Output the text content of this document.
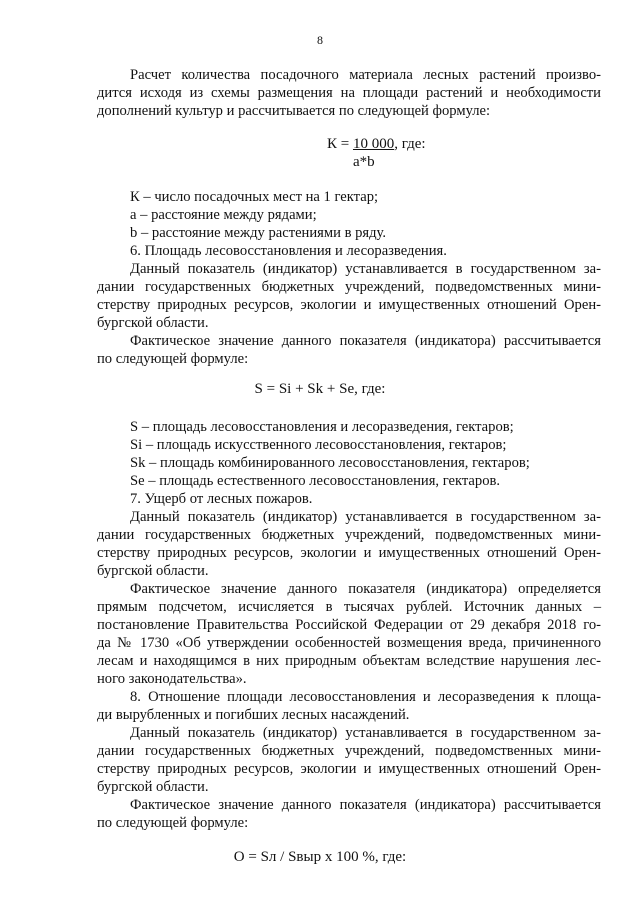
8
Расчет количества посадочного материала лесных растений произво-
дится исходя из схемы размещения на площади растений и необходимости
дополнений культур и рассчитывается по следующей формуле:
К = 10 000, где:
a*b
К – число посадочных мест на 1 гектар;
а – расстояние между рядами;
b – расстояние между растениями в ряду.
6. Площадь лесовосстановления и лесоразведения.
Данный показатель (индикатор) устанавливается в государственном за-
дании государственных бюджетных учреждений, подведомственных мини-
стерству природных ресурсов, экологии и имущественных отношений Орен-
бургской области.
Фактическое значение данного показателя (индикатора) рассчитывается
по следующей формуле:
S = Si + Sk + Se, где:
S – площадь лесовосстановления и лесоразведения, гектаров;
Si – площадь искусственного лесовосстановления, гектаров;
Sk – площадь комбинированного лесовосстановления, гектаров;
Se – площадь естественного лесовосстановления, гектаров.
7. Ущерб от лесных пожаров.
Данный показатель (индикатор) устанавливается в государственном за-
дании государственных бюджетных учреждений, подведомственных мини-
стерству природных ресурсов, экологии и имущественных отношений Орен-
бургской области.
Фактическое значение данного показателя (индикатора) определяется
прямым подсчетом, исчисляется в тысячах рублей. Источник данных –
постановление Правительства Российской Федерации от 29 декабря 2018 го-
да № 1730 «Об утверждении особенностей возмещения вреда, причиненного
лесам и находящимся в них природным объектам вследствие нарушения лес-
ного законодательства».
8. Отношение площади лесовосстановления и лесоразведения к площа-
ди вырубленных и погибших лесных насаждений.
Данный показатель (индикатор) устанавливается в государственном за-
дании государственных бюджетных учреждений, подведомственных мини-
стерству природных ресурсов, экологии и имущественных отношений Орен-
бургской области.
Фактическое значение данного показателя (индикатора) рассчитывается
по следующей формуле:
O = Sл / Sвыр х 100 %, где:
